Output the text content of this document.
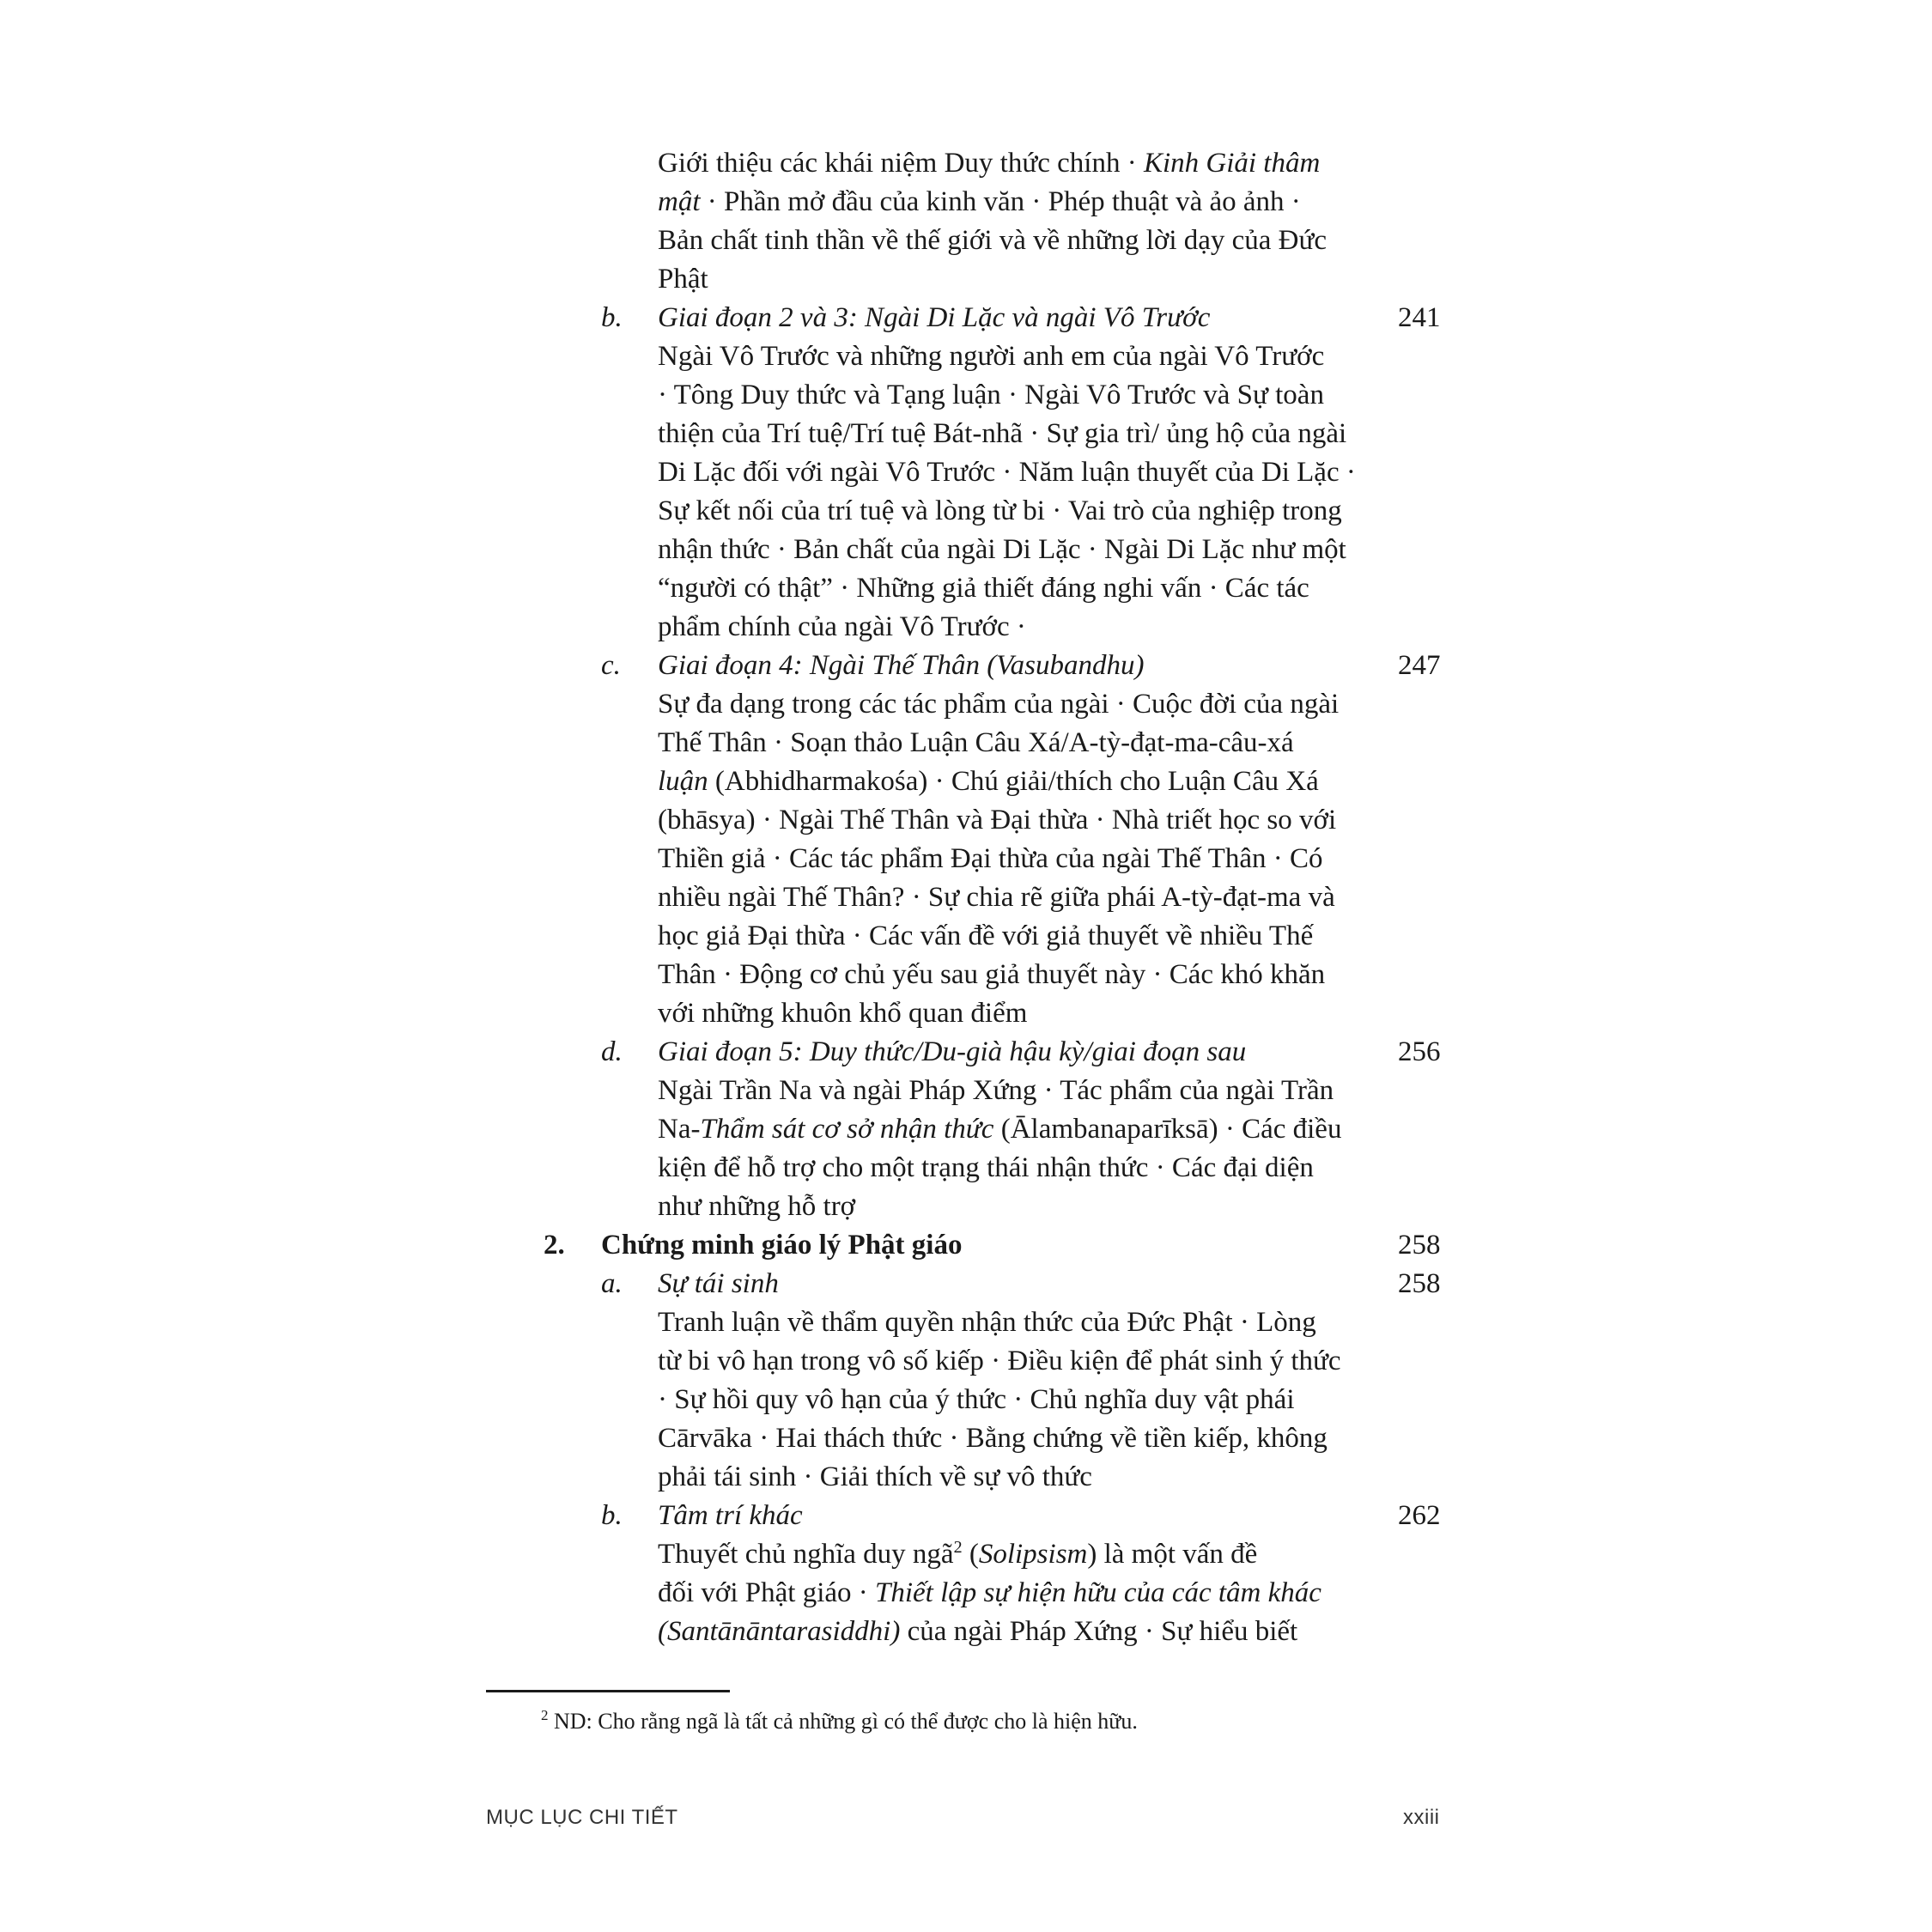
Giới thiệu các khái niệm Duy thức chính · Kinh Giải thâm
mật · Phần mở đầu của kinh văn · Phép thuật và ảo ảnh ·
Bản chất tinh thần về thế giới và về những lời dạy của Đức
Phật
b. Giai đoạn 2 và 3: Ngài Di Lặc và ngài Vô Trước	241
Ngài Vô Trước và những người anh em của ngài Vô Trước
· Tông Duy thức và Tạng luận · Ngài Vô Trước và Sự toàn
thiện của Trí tuệ/Trí tuệ Bát-nhã · Sự gia trì/ ủng hộ của ngài
Di Lặc đối với ngài Vô Trước · Năm luận thuyết của Di Lặc ·
Sự kết nối của trí tuệ và lòng từ bi · Vai trò của nghiệp trong
nhận thức · Bản chất của ngài Di Lặc · Ngài Di Lặc như một
“người có thật” · Những giả thiết đáng nghi vấn · Các tác
phẩm chính của ngài Vô Trước ·
c. Giai đoạn 4: Ngài Thế Thân (Vasubandhu)	247
Sự đa dạng trong các tác phẩm của ngài · Cuộc đời của ngài
Thế Thân · Soạn thảo Luận Câu Xá/A-tỳ-đạt-ma-câu-xá
luận (Abhidharmakośa) · Chú giải/thích cho Luận Câu Xá
(bhāsya) · Ngài Thế Thân và Đại thừa · Nhà triết học so với
Thiền giả · Các tác phẩm Đại thừa của ngài Thế Thân · Có
nhiều ngài Thế Thân? · Sự chia rẽ giữa phái A-tỳ-đạt-ma và
học giả Đại thừa · Các vấn đề với giả thuyết về nhiều Thế
Thân · Động cơ chủ yếu sau giả thuyết này · Các khó khăn
với những khuôn khổ quan điểm
d. Giai đoạn 5: Duy thức/Du-già hậu kỳ/giai đoạn sau	256
Ngài Trần Na và ngài Pháp Xứng · Tác phẩm của ngài Trần
Na-Thẩm sát cơ sở nhận thức (Ālambanaparīksā) · Các điều
kiện để hỗ trợ cho một trạng thái nhận thức · Các đại diện
như những hỗ trợ
2. Chứng minh giáo lý Phật giáo	258
a. Sự tái sinh	258
Tranh luận về thẩm quyền nhận thức của Đức Phật · Lòng
từ bi vô hạn trong vô số kiếp · Điều kiện để phát sinh ý thức
· Sự hồi quy vô hạn của ý thức · Chủ nghĩa duy vật phái
Cārvāka · Hai thách thức · Bằng chứng về tiền kiếp, không
phải tái sinh · Giải thích về sự vô thức
b. Tâm trí khác	262
Thuyết chủ nghĩa duy ngã$^2$ (Solipsism) là một vấn đề
đối với Phật giáo · Thiết lập sự hiện hữu của các tâm khác
(Santānāntarasiddhi) của ngài Pháp Xứng · Sự hiểu biết
$^2$ ND: Cho rằng ngã là tất cả những gì có thể được cho là hiện hữu.
MỤC LỤC CHI TIẾT	xxiii
